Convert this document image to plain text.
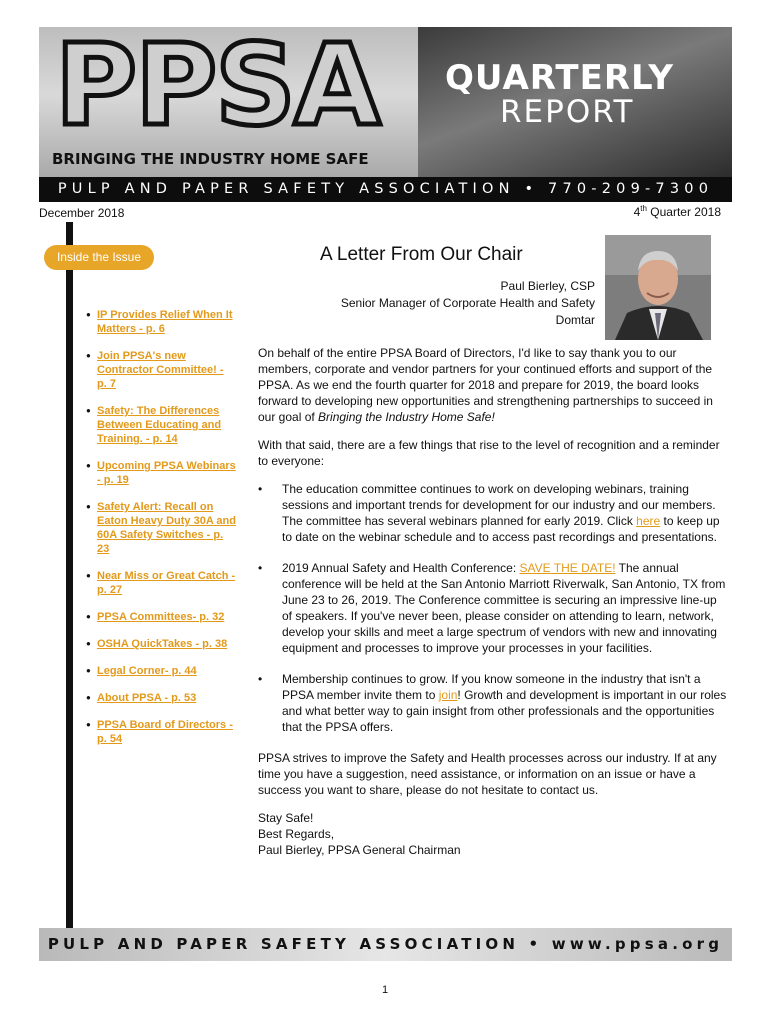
PPSA QUARTERLY
REPORT
BRINGING THE INDUSTRY HOME SAFE
PULP AND PAPER SAFETY ASSOCIATION • 770-209-7300
December 2018	4th Quarter 2018
Inside the Issue
● IP Provides Relief When It Matters - p. 6
● Join PPSA's new Contractor Committee! - p. 7
● Safety: The Differences Between Educating and Training. - p. 14
● Upcoming PPSA Webinars - p. 19
● Safety Alert: Recall on Eaton Heavy Duty 30A and 60A Safety Switches - p. 23
● Near Miss or Great Catch - p. 27
● PPSA Committees- p. 32
● OSHA QuickTakes - p. 38
● Legal Corner- p. 44
● About PPSA - p. 53
● PPSA Board of Directors - p. 54
A Letter From Our Chair
Paul Bierley, CSP
Senior Manager of Corporate Health and Safety
Domtar

On behalf of the entire PPSA Board of Directors, I'd like to say thank you to our members, corporate and vendor partners for your continued efforts and support of the PPSA. As we end the fourth quarter for 2018 and prepare for 2019, the board looks forward to developing new opportunities and strengthening partnerships to succeed in our goal of Bringing the Industry Home Safe!

With that said, there are a few things that rise to the level of recognition and a reminder to everyone:

• The education committee continues to work on developing webinars, training sessions and important trends for development for our industry and our members. The committee has several webinars planned for early 2019. Click here to keep up to date on the webinar schedule and to access past recordings and presentations.
• 2019 Annual Safety and Health Conference: SAVE THE DATE! The annual conference will be held at the San Antonio Marriott Riverwalk, San Antonio, TX from June 23 to 26, 2019. The Conference committee is securing an impressive line-up of speakers. If you've never been, please consider on attending to learn, network, develop your skills and meet a large spectrum of vendors with new and innovating equipment and processes to improve your processes in your facilities.
• Membership continues to grow. If you know someone in the industry that isn't a PPSA member invite them to join! Growth and development is important in our roles and what better way to gain insight from other professionals and the opportunities that the PPSA offers.

PPSA strives to improve the Safety and Health processes across our industry. If at any time you have a suggestion, need assistance, or information on an issue or have a success you want to share, please do not hesitate to contact us.

Stay Safe!
Best Regards,
Paul Bierley, PPSA General Chairman
PULP AND PAPER SAFETY ASSOCIATION • www.ppsa.org
1
